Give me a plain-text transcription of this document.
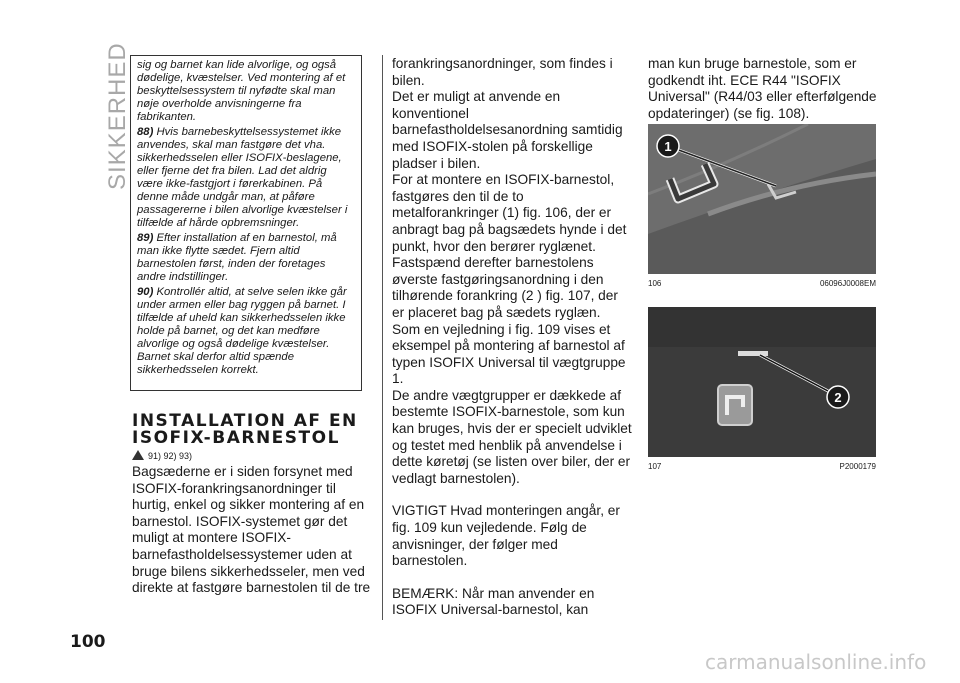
SIKKERHED sig og barnet kan lide alvorlige, og også dødelige, kvæstelser. Ved montering af et beskyttelsessystem til nyfødte skal man nøje overholde anvisningerne fra fabrikanten.

88) Hvis barnebeskyttelsessystemet ikke anvendes, skal man fastgøre det vha. sikkerhedsselen eller ISOFIX-beslagene, eller fjerne det fra bilen. Lad det aldrig være ikke-fastgjort i førerkabinen. På denne måde undgår man, at påføre passagererne i bilen alvorlige kvæstelser i tilfælde af hårde opbremsninger.

89) Efter installation af en barnestol, må man ikke flytte sædet. Fjern altid barnestolen først, inden der foretages andre indstillinger.

90) Kontrollér altid, at selve selen ikke går under armen eller bag ryggen på barnet. I tilfælde af uheld kan sikkerhedsselen ikke holde på barnet, og det kan medføre alvorlige og også dødelige kvæstelser. Barnet skal derfor altid spænde sikkerhedsselen korrekt.

INSTALLATION AF EN ISOFIX-BARNESTOL
91) 92) 93)

Bagsæderne er i siden forsynet med ISOFIX-forankringsanordninger til hurtig, enkel og sikker montering af en barnestol. ISOFIX-systemet gør det muligt at montere ISOFIX-barnefastholdelsessystemer uden at bruge bilens sikkerhedsseler, men ved direkte at fastgøre barnestolen til de tre

forankringsanordninger, som findes i bilen.

Det er muligt at anvende en konventionel barnefastholdelsesanordning samtidig med ISOFIX-stolen på forskellige pladser i bilen.

For at montere en ISOFIX-barnestol, fastgøres den til de to metalforankringer (1) fig. 106, der er anbragt bag på bagsædets hynde i det punkt, hvor den berører ryglænet. Fastspænd derefter barnestolens øverste fastgøringsanordning i den tilhørende forankring (2 ) fig. 107, der er placeret bag på sædets ryglæn.

Som en vejledning i fig. 109 vises et eksempel på montering af barnestol af typen ISOFIX Universal til vægtgruppe 1.

De andre vægtgrupper er dækkede af bestemte ISOFIX-barnestole, som kun kan bruges, hvis der er specielt udviklet og testet med henblik på anvendelse i dette køretøj (se listen over biler, der er vedlagt barnestolen).

VIGTIGT Hvad monteringen angår, er fig. 109 kun vejledende. Følg de anvisninger, der følger med barnestolen.

BEMÆRK: Når man anvender en ISOFIX Universal-barnestol, kan

man kun bruge barnestole, som er godkendt iht. ECE R44 "ISOFIX Universal" (R44/03 eller efterfølgende opdateringer) (se fig. 108).

1
106	06096J0008EM
2
107	P2000179
100
carmanualsonline.info
